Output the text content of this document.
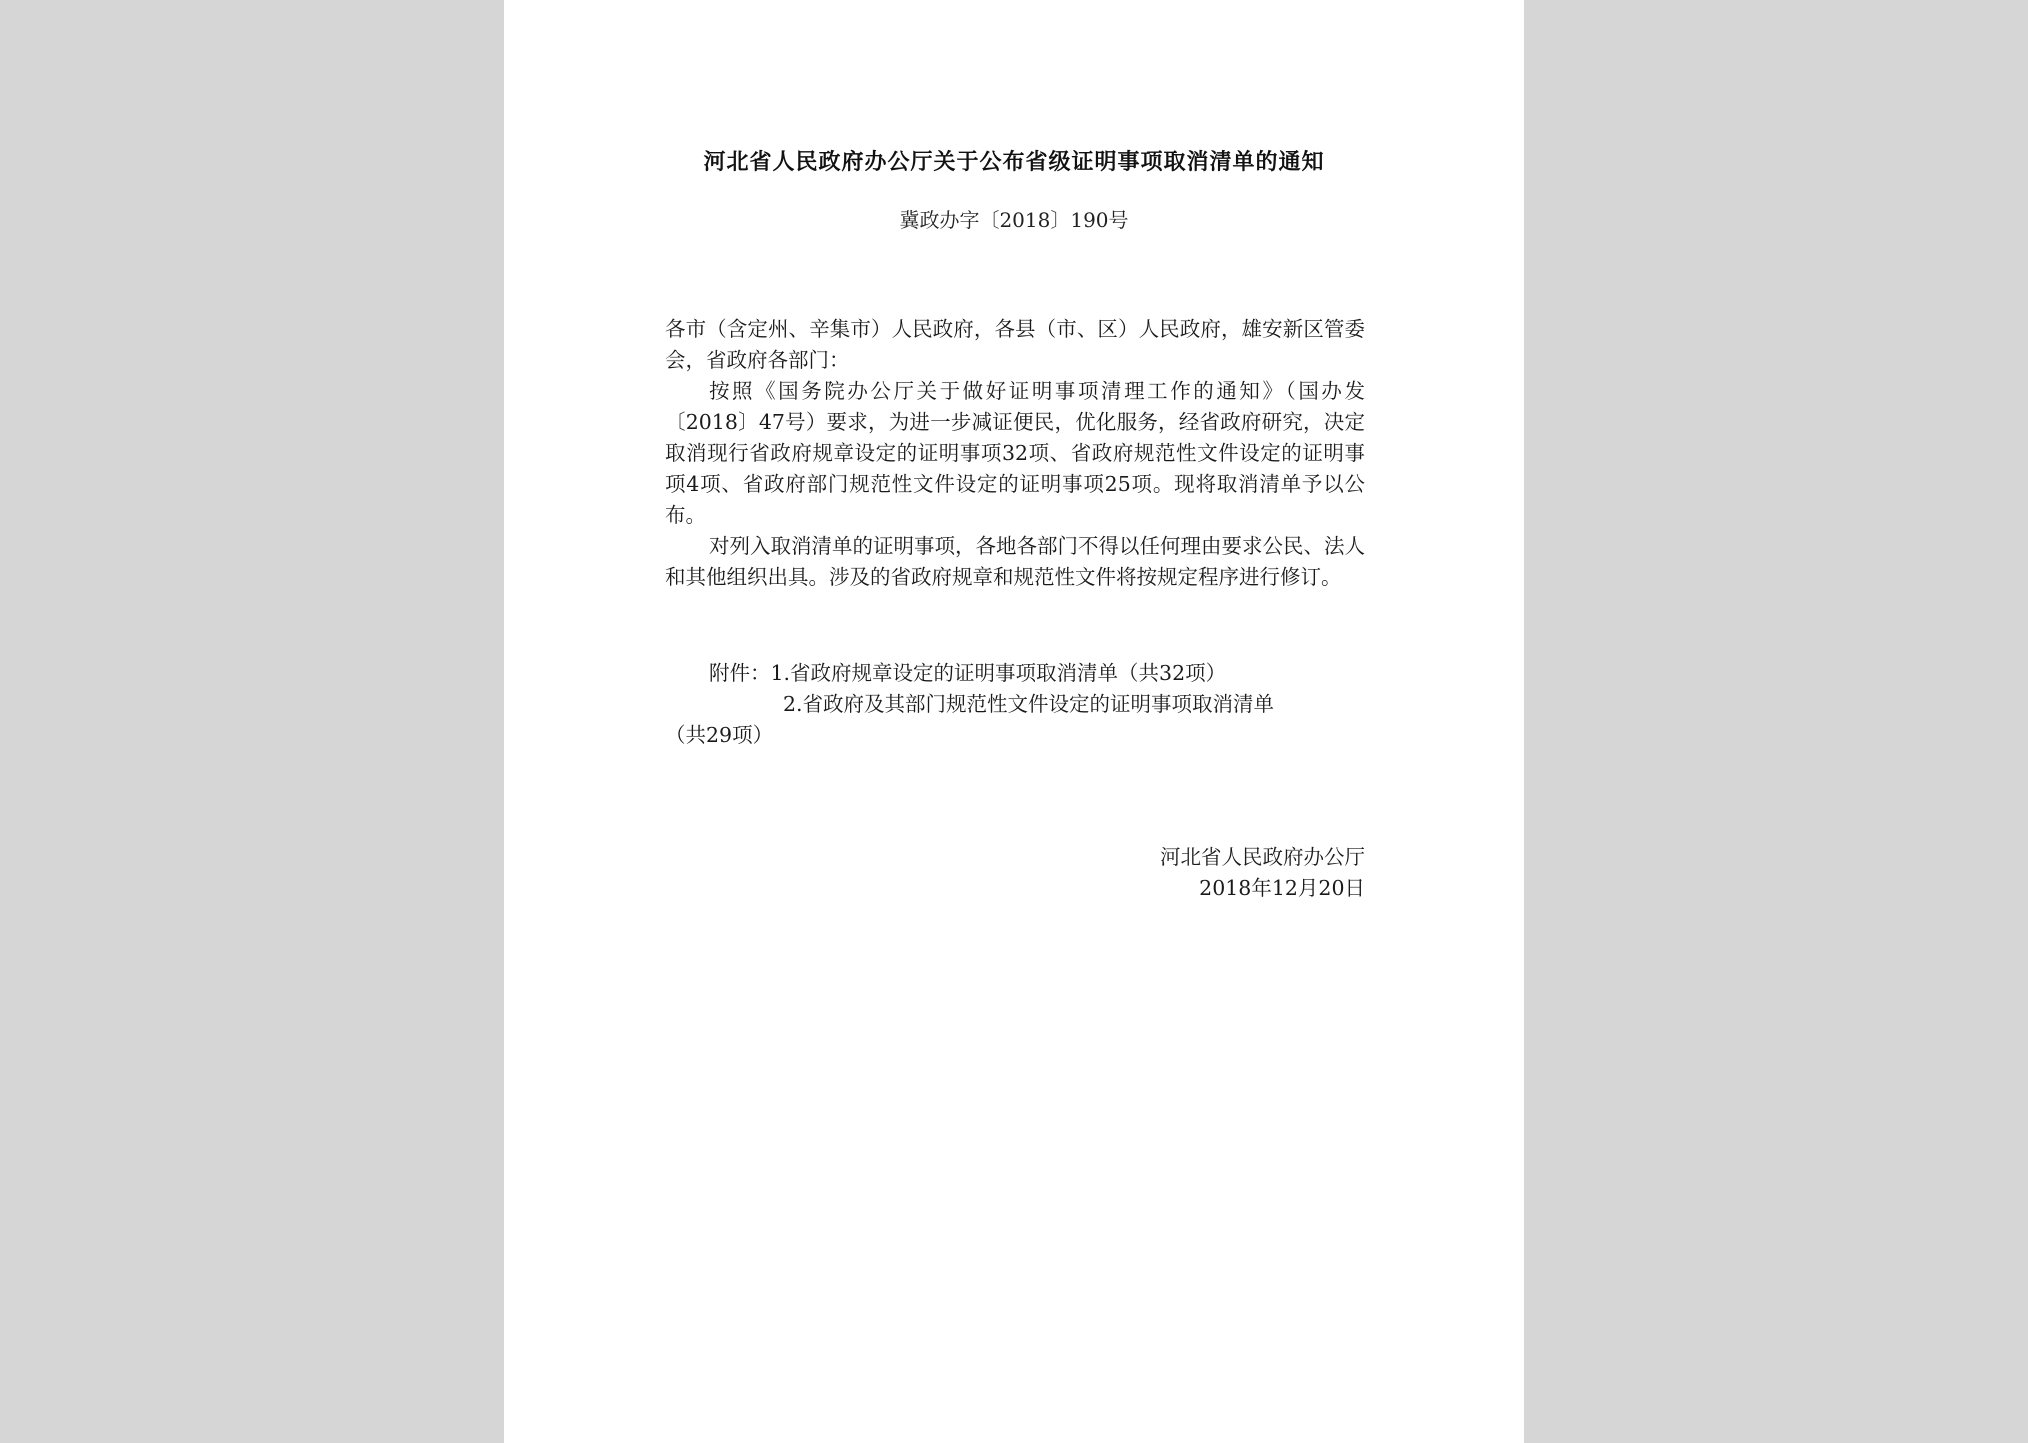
河北省人民政府办公厅关于公布省级证明事项取消清单的通知
冀政办字〔2018〕190号

各市（含定州、辛集市）人民政府，各县（市、区）人民政府，雄安新区管委会，省政府各部门：

按照《国务院办公厅关于做好证明事项清理工作的通知》（国办发〔2018〕47号）要求，为进一步减证便民，优化服务，经省政府研究，决定取消现行省政府规章设定的证明事项32项、省政府规范性文件设定的证明事项4项、省政府部门规范性文件设定的证明事项25项。现将取消清单予以公布。

对列入取消清单的证明事项，各地各部门不得以任何理由要求公民、法人和其他组织出具。涉及的省政府规章和规范性文件将按规定程序进行修订。

附件：1.省政府规章设定的证明事项取消清单（共32项）
2.省政府及其部门规范性文件设定的证明事项取消清单
（共29项）
河北省人民政府办公厅
2018年12月20日
